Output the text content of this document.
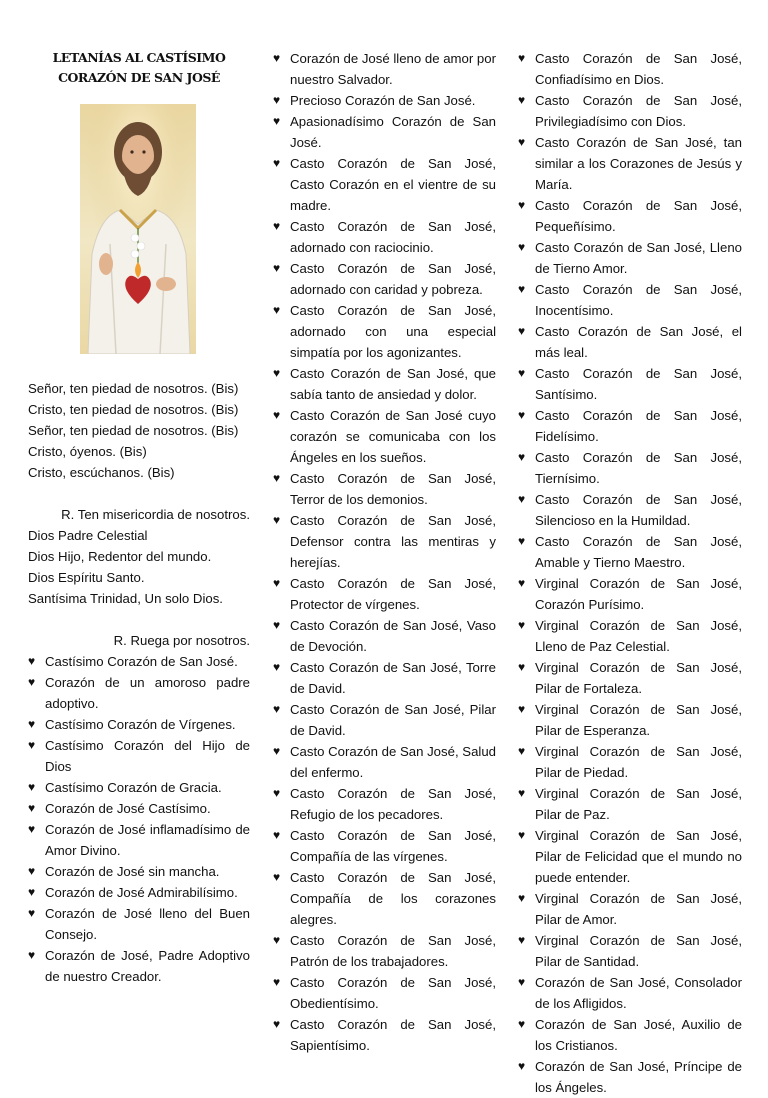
LETANÍAS AL CASTÍSIMO CORAZÓN DE SAN JOSÉ
Señor, ten piedad de nosotros. (Bis)
Cristo, ten piedad de nosotros. (Bis)
Señor, ten piedad de nosotros. (Bis)
Cristo, óyenos. (Bis)
Cristo, escúchanos. (Bis)
R. Ten misericordia de nosotros.
Dios Padre Celestial
Dios Hijo, Redentor del mundo.
Dios Espíritu Santo.
Santísima Trinidad, Un solo Dios.
R. Ruega por nosotros.
♥ Castísimo Corazón de San José.
♥ Corazón de un amoroso padre adoptivo.
♥ Castísimo Corazón de Vírgenes.
♥ Castísimo Corazón del Hijo de Dios
♥ Castísimo Corazón de Gracia.
♥ Corazón de José Castísimo.
♥ Corazón de José inflamadísimo de Amor Divino.
♥ Corazón de José sin mancha.
♥ Corazón de José Admirabilísimo.
♥ Corazón de José lleno del Buen Consejo.
♥ Corazón de José, Padre Adoptivo de nuestro Creador.
♥ Corazón de José lleno de amor por nuestro Salvador.
♥ Precioso Corazón de San José.
♥ Apasionadísimo Corazón de San José.
♥ Casto Corazón de San José, Casto Corazón en el vientre de su madre.
♥ Casto Corazón de San José, adornado con raciocinio.
♥ Casto Corazón de San José, adornado con caridad y pobreza.
♥ Casto Corazón de San José, adornado con una especial simpatía por los agonizantes.
♥ Casto Corazón de San José, que sabía tanto de ansiedad y dolor.
♥ Casto Corazón de San José cuyo corazón se comunicaba con los Ángeles en los sueños.
♥ Casto Corazón de San José, Terror de los demonios.
♥ Casto Corazón de San José, Defensor contra las mentiras y herejías.
♥ Casto Corazón de San José, Protector de vírgenes.
♥ Casto Corazón de San José, Vaso de Devoción.
♥ Casto Corazón de San José, Torre de David.
♥ Casto Corazón de San José, Pilar de David.
♥ Casto Corazón de San José, Salud del enfermo.
♥ Casto Corazón de San José, Refugio de los pecadores.
♥ Casto Corazón de San José, Compañía de las vírgenes.
♥ Casto Corazón de San José, Compañía de los corazones alegres.
♥ Casto Corazón de San José, Patrón de los trabajadores.
♥ Casto Corazón de San José, Obedientísimo.
♥ Casto Corazón de San José, Sapientísimo.
♥ Casto Corazón de San José, Confiadísimo en Dios.
♥ Casto Corazón de San José, Privilegiadísimo con Dios.
♥ Casto Corazón de San José, tan similar a los Corazones de Jesús y María.
♥ Casto Corazón de San José, Pequeñísimo.
♥ Casto Corazón de San José, Lleno de Tierno Amor.
♥ Casto Corazón de San José, Inocentísimo.
♥ Casto Corazón de San José, el más leal.
♥ Casto Corazón de San José, Santísimo.
♥ Casto Corazón de San José, Fidelísimo.
♥ Casto Corazón de San José, Tiernísimo.
♥ Casto Corazón de San José, Silencioso en la Humildad.
♥ Casto Corazón de San José, Amable y Tierno Maestro.
♥ Virginal Corazón de San José, Corazón Purísimo.
♥ Virginal Corazón de San José, Lleno de Paz Celestial.
♥ Virginal Corazón de San José, Pilar de Fortaleza.
♥ Virginal Corazón de San José, Pilar de Esperanza.
♥ Virginal Corazón de San José, Pilar de Piedad.
♥ Virginal Corazón de San José, Pilar de Paz.
♥ Virginal Corazón de San José, Pilar de Felicidad que el mundo no puede entender.
♥ Virginal Corazón de San José, Pilar de Amor.
♥ Virginal Corazón de San José, Pilar de Santidad.
♥ Corazón de San José, Consolador de los Afligidos.
♥ Corazón de San José, Auxilio de los Cristianos.
♥ Corazón de San José, Príncipe de los Ángeles.
